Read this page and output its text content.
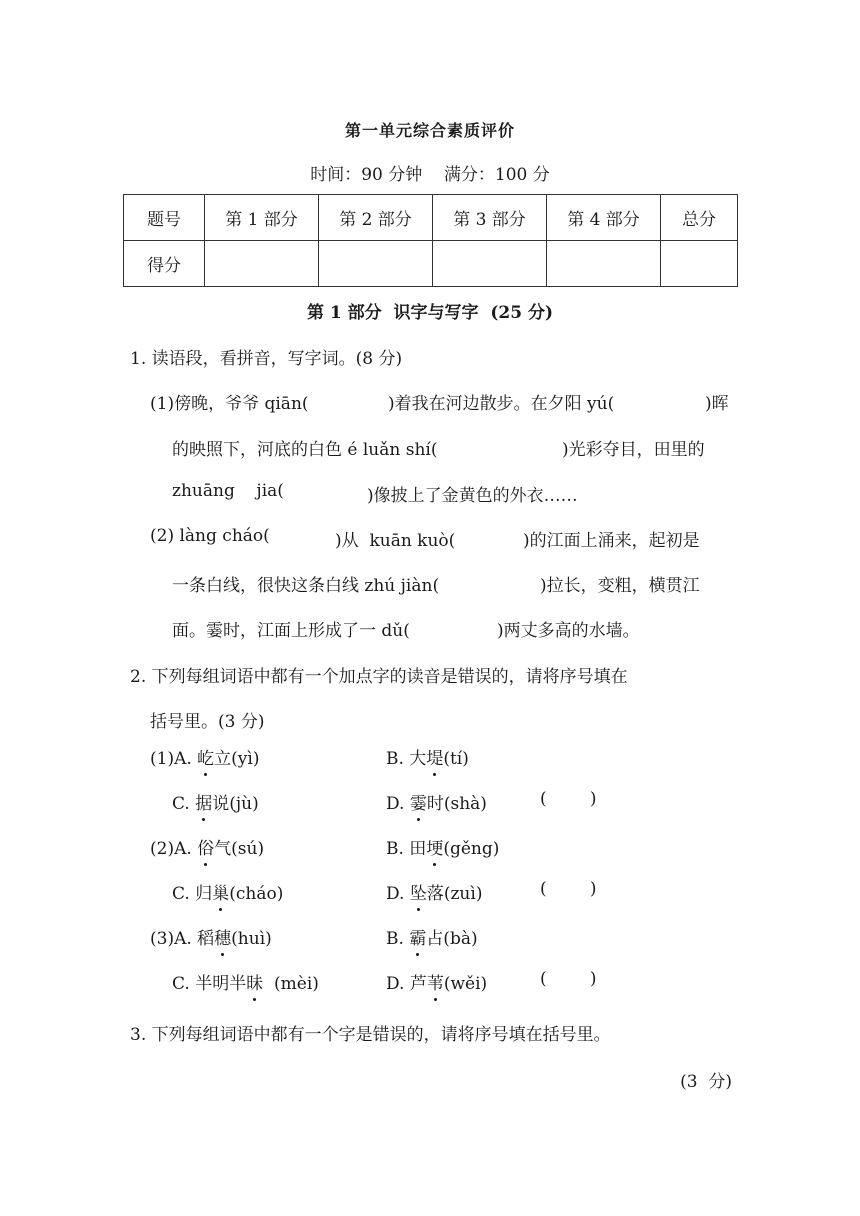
第一单元综合素质评价
时间：90 分钟    满分：100 分
题号	第 1 部分	第 2 部分	第 3 部分	第 4 部分	总分
得分					
第 1 部分  识字与写字  (25 分)
1. 读语段，看拼音，写字词。(8 分)
(1)傍晚，爷爷 qiān(	)着我在河边散步。在夕阳 yú(	)晖
的映照下，河底的白色 é luǎn shí(	)光彩夺目，田里的
zhuāng    jia(	)像披上了金黄色的外衣……
(2) làng cháo(	)从  kuān kuò(	)的江面上涌来，起初是
一条白线，很快这条白线 zhú jiàn(	)拉长，变粗，横贯江
面。霎时，江面上形成了一 dǔ(	)两丈多高的水墙。
2. 下列每组词语中都有一个加点字的读音是错误的，请将序号填在
括号里。(3 分)
(1)A. 屹立(yì)	B. 大堤(tí)
C. 据说(jù)	D. 霎时(shà)	(        )
(2)A. 俗气(sú)	B. 田埂(gěng)
C. 归巢(cháo)	D. 坠落(zuì)	(        )
(3)A. 稻穗(huì)	B. 霸占(bà)
C. 半明半昧  (mèi)	D. 芦苇(wěi)	(        )
3. 下列每组词语中都有一个字是错误的，请将序号填在括号里。
(3  分)
